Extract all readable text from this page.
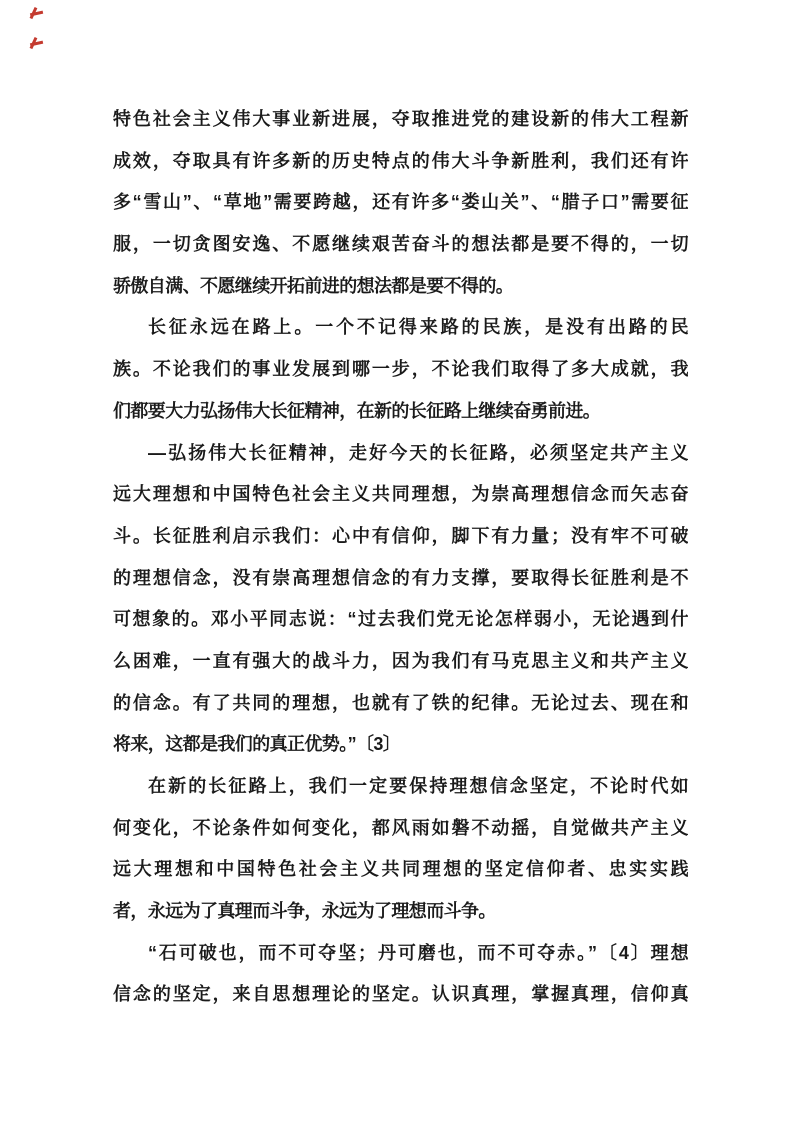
特色社会主义伟大事业新进展，夺取推进党的建设新的伟大工程新
成效，夺取具有许多新的历史特点的伟大斗争新胜利，我们还有许
多“雪山”、“草地”需要跨越，还有许多“娄山关”、“腊子口”需要征
服，一切贪图安逸、不愿继续艰苦奋斗的想法都是要不得的，一切
骄傲自满、不愿继续开拓前进的想法都是要不得的。
长征永远在路上。一个不记得来路的民族，是没有出路的民
族。不论我们的事业发展到哪一步，不论我们取得了多大成就，我
们都要大力弘扬伟大长征精神，在新的长征路上继续奋勇前进。
—弘扬伟大长征精神，走好今天的长征路，必须坚定共产主义
远大理想和中国特色社会主义共同理想，为崇高理想信念而矢志奋
斗。长征胜利启示我们：心中有信仰，脚下有力量；没有牢不可破
的理想信念，没有崇高理想信念的有力支撑，要取得长征胜利是不
可想象的。邓小平同志说：“过去我们党无论怎样弱小，无论遇到什
么困难，一直有强大的战斗力，因为我们有马克思主义和共产主义
的信念。有了共同的理想，也就有了铁的纪律。无论过去、现在和
将来，这都是我们的真正优势。”〔3〕
在新的长征路上，我们一定要保持理想信念坚定，不论时代如
何变化，不论条件如何变化，都风雨如磐不动摇，自觉做共产主义
远大理想和中国特色社会主义共同理想的坚定信仰者、忠实实践
者，永远为了真理而斗争，永远为了理想而斗争。
“石可破也，而不可夺坚；丹可磨也，而不可夺赤。”〔4〕理想
信念的坚定，来自思想理论的坚定。认识真理，掌握真理，信仰真
